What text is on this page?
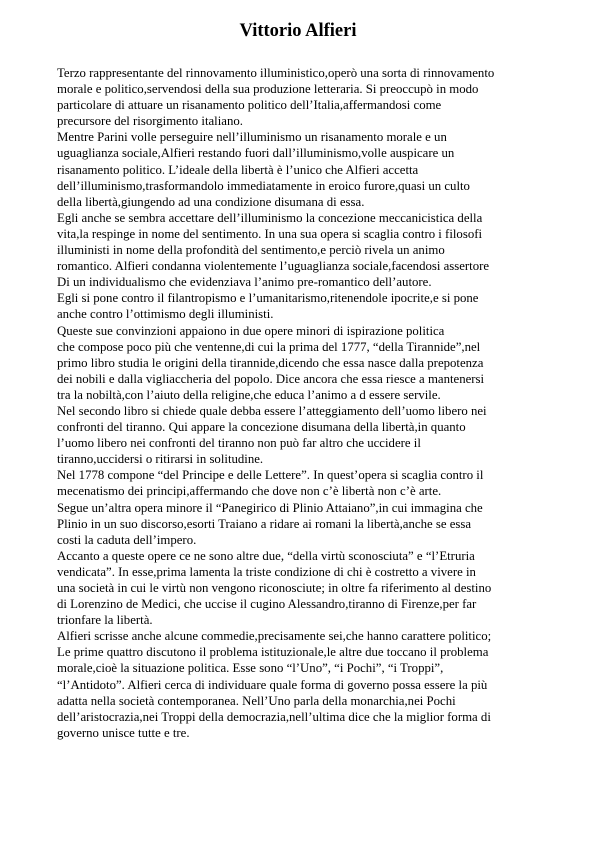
Vittorio Alfieri
Terzo rappresentante del rinnovamento illuministico,operò una sorta di rinnovamento
morale e politico,servendosi della sua produzione letteraria. Si preoccupò in modo
particolare di attuare un risanamento politico dell’Italia,affermandosi come
precursore del risorgimento italiano.
Mentre Parini volle perseguire nell’illuminismo un risanamento morale e un
uguaglianza sociale,Alfieri restando fuori dall’illuminismo,volle auspicare un
risanamento politico. L’ideale della libertà è l’unico che Alfieri accetta
dell’illuminismo,trasformandolo immediatamente in eroico furore,quasi un culto
della libertà,giungendo ad una condizione disumana di essa.
Egli anche se sembra accettare dell’illuminismo la concezione meccanicistica della
vita,la respinge in nome del sentimento. In una sua opera si scaglia contro i filosofi
illuministi in nome della profondità del sentimento,e perciò rivela un animo
romantico. Alfieri condanna violentemente l’uguaglianza sociale,facendosi assertore
Di un individualismo che evidenziava l’animo pre-romantico dell’autore.
Egli si pone contro il filantropismo e l’umanitarismo,ritenendole ipocrite,e si pone
anche contro l’ottimismo degli illuministi.
Queste sue convinzioni appaiono in due opere minori di ispirazione politica
che compose poco più che ventenne,di cui la prima del 1777, “della Tirannide”,nel
primo libro studia le origini della tirannide,dicendo che essa nasce dalla prepotenza
dei nobili e dalla vigliaccheria del popolo. Dice ancora che essa riesce a mantenersi
tra la nobiltà,con l’aiuto della religine,che educa l’animo a d essere servile.
Nel secondo libro si chiede quale debba essere l’atteggiamento dell’uomo libero nei
confronti del tiranno. Qui appare la concezione disumana della libertà,in quanto
l’uomo libero nei confronti del tiranno non può far altro che uccidere il
tiranno,uccidersi o ritirarsi in solitudine.
Nel 1778 compone “del Principe e delle Lettere”. In quest’opera si scaglia contro il
mecenatismo dei principi,affermando che dove non c’è libertà non c’è arte.
Segue un’altra opera minore il “Panegirico di Plinio Attaiano”,in cui immagina che
Plinio in un suo discorso,esorti Traiano a ridare ai romani la libertà,anche se essa
costi la caduta dell’impero.
Accanto a queste opere ce ne sono altre due, “della virtù sconosciuta” e “l’Etruria
vendicata”. In esse,prima lamenta la triste condizione di chi è costretto a vivere in
una società in cui le virtù non vengono riconosciute; in oltre fa riferimento al destino
di Lorenzino de Medici, che uccise il cugino Alessandro,tiranno di Firenze,per far
trionfare la libertà.
Alfieri scrisse anche alcune commedie,precisamente sei,che hanno carattere politico;
Le prime quattro discutono il problema istituzionale,le altre due toccano il problema
morale,cioè la situazione politica. Esse sono “l’Uno”, “i Pochi”, “i Troppi”,
“l’Antidoto”. Alfieri cerca di individuare quale forma di governo possa essere la più
adatta nella società contemporanea. Nell’Uno parla della monarchia,nei Pochi
dell’aristocrazia,nei Troppi della democrazia,nell’ultima dice che la miglior forma di
governo unisce tutte e tre.
